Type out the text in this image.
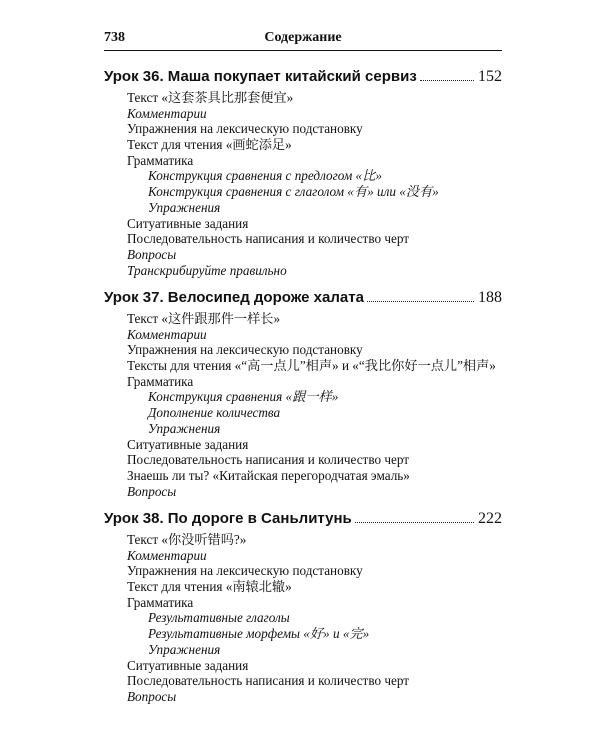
738	Содержание
Урок 36. Маша покупает китайский сервиз	152
Текст «这套茶具比那套便宜»
Комментарии
Упражнения на лексическую подстановку
Текст для чтения «画蛇添足»
Грамматика
Конструкция сравнения с предлогом «比»
Конструкция сравнения с глаголом «有» или «没有»
Упражнения
Ситуативные задания
Последовательность написания и количество черт
Вопросы
Транскрибируйте правильно
Урок 37. Велосипед дороже халата	188
Текст «这件跟那件一样长»
Комментарии
Упражнения на лексическую подстановку
Тексты для чтения «“高一点儿”相声» и «“我比你好一点儿”相声»
Грамматика
Конструкция сравнения «跟一样»
Дополнение количества
Упражнения
Ситуативные задания
Последовательность написания и количество черт
Знаешь ли ты? «Китайская перегородчатая эмаль»
Вопросы
Урок 38. По дороге в Саньлитунь	222
Текст «你没听错吗?»
Комментарии
Упражнения на лексическую подстановку
Текст для чтения «南辕北辙»
Грамматика
Результативные глаголы
Результативные морфемы «好» и «完»
Упражнения
Ситуативные задания
Последовательность написания и количество черт
Вопросы
